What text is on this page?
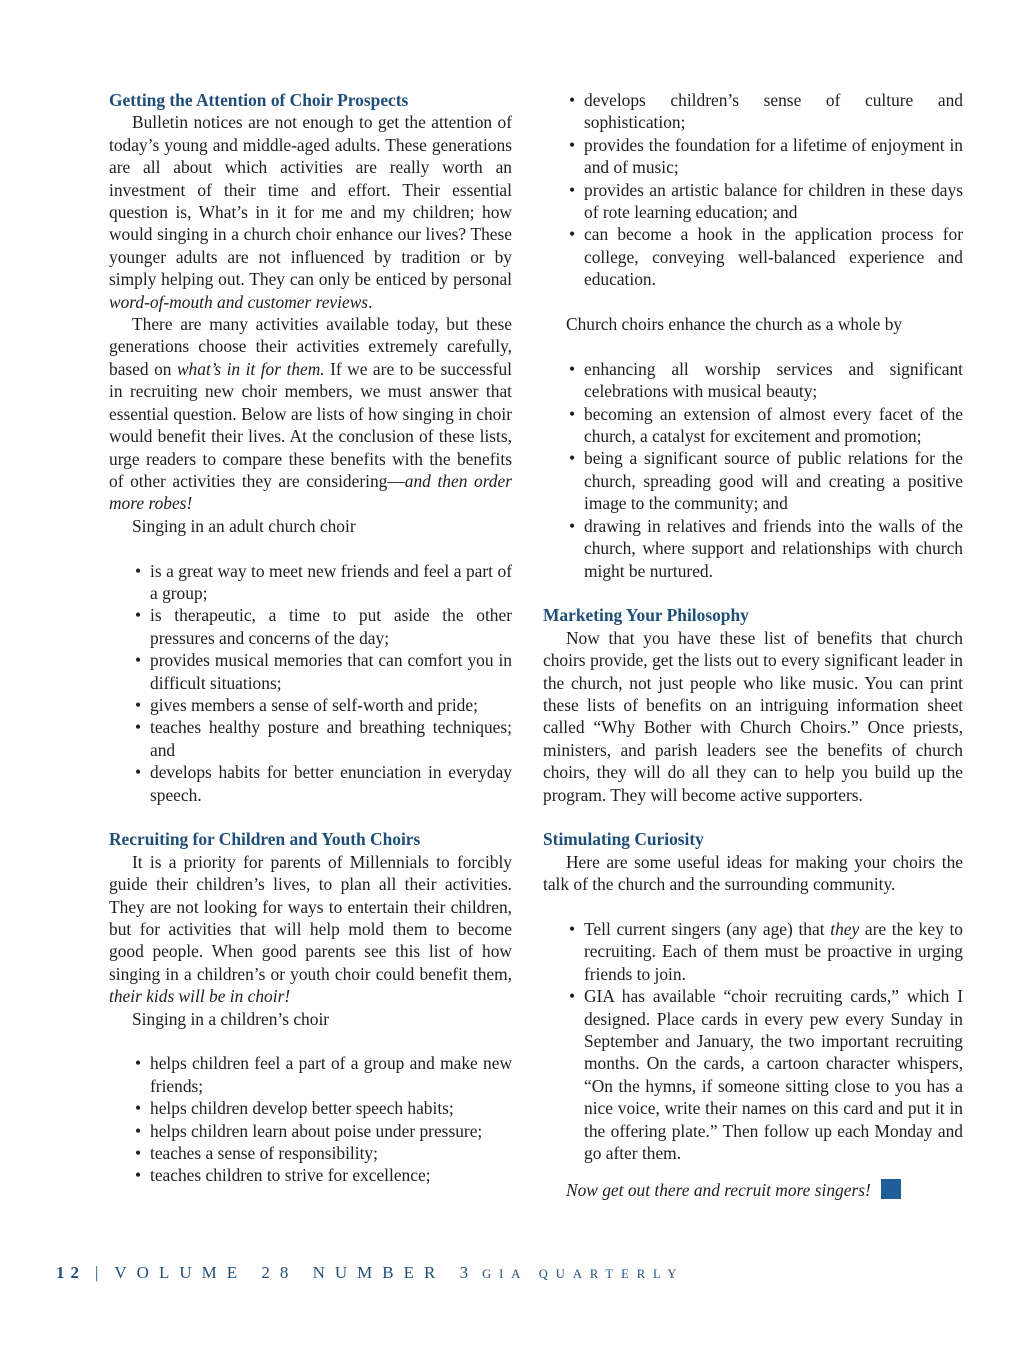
Getting the Attention of Choir Prospects

Bulletin notices are not enough to get the attention of today’s young and middle-aged adults. These generations are all about which activities are really worth an investment of their time and effort. Their essential question is, What’s in it for me and my children; how would singing in a church choir enhance our lives? These younger adults are not influenced by tradition or by simply helping out. They can only be enticed by personal word-of-mouth and customer reviews.

There are many activities available today, but these generations choose their activities extremely carefully, based on what’s in it for them. If we are to be successful in recruiting new choir members, we must answer that essential question. Below are lists of how singing in choir would benefit their lives. At the conclusion of these lists, urge readers to compare these benefits with the benefits of other activities they are considering—and then order more robes!

Singing in an adult church choir

• is a great way to meet new friends and feel a part of a group;
• is therapeutic, a time to put aside the other pressures and concerns of the day;
• provides musical memories that can comfort you in difficult situations;
• gives members a sense of self-worth and pride;
• teaches healthy posture and breathing techniques; and
• develops habits for better enunciation in everyday speech.
Recruiting for Children and Youth Choirs

It is a priority for parents of Millennials to forcibly guide their children’s lives, to plan all their activities. They are not looking for ways to entertain their children, but for activities that will help mold them to become good people. When good parents see this list of how singing in a children’s or youth choir could benefit them, their kids will be in choir!

Singing in a children’s choir

• helps children feel a part of a group and make new friends;
• helps children develop better speech habits;
• helps children learn about poise under pressure;
• teaches a sense of responsibility;
• teaches children to strive for excellence;
• develops children’s sense of culture and sophistication;
• provides the foundation for a lifetime of enjoyment in and of music;
• provides an artistic balance for children in these days of rote learning education; and
• can become a hook in the application process for college, conveying well-balanced experience and education.

Church choirs enhance the church as a whole by

• enhancing all worship services and significant celebrations with musical beauty;
• becoming an extension of almost every facet of the church, a catalyst for excitement and promotion;
• being a significant source of public relations for the church, spreading good will and creating a positive image to the community; and
• drawing in relatives and friends into the walls of the church, where support and relationships with church might be nurtured.
Marketing Your Philosophy

Now that you have these list of benefits that church choirs provide, get the lists out to every significant leader in the church, not just people who like music. You can print these lists of benefits on an intriguing information sheet called “Why Bother with Church Choirs.” Once priests, ministers, and parish leaders see the benefits of church choirs, they will do all they can to help you build up the program. They will become active supporters.

Stimulating Curiosity

Here are some useful ideas for making your choirs the talk of the church and the surrounding community.

• Tell current singers (any age) that they are the key to recruiting. Each of them must be proactive in urging friends to join.
• GIA has available “choir recruiting cards,” which I designed. Place cards in every pew every Sunday in September and January, the two important recruiting months. On the cards, a cartoon character whispers, “On the hymns, if someone sitting close to you has a nice voice, write their names on this card and put it in the offering plate.” Then follow up each Monday and go after them.

Now get out there and recruit more singers!

12 | VOLUME 28 NUMBER 3 GIA QUARTERLY
